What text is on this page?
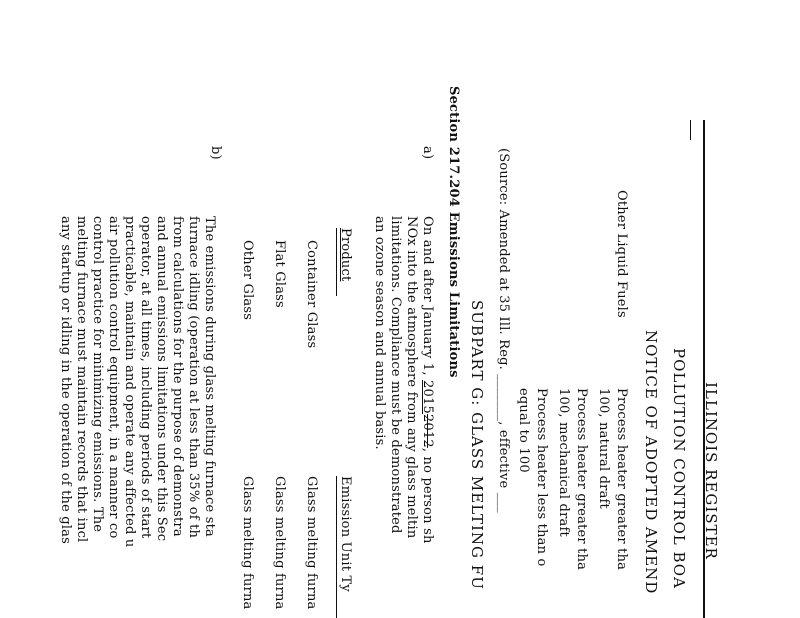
ILLINOIS REGISTER
POLLUTION CONTROL BOA
NOTICE OF ADOPTED AMEND
Other Liquid Fuels
Process heater greater tha
100, natural draft
Process heater greater tha
100, mechanical draft
Process heater less than o
equal to 100
(Source: Amended at 35 Ill. Reg. _______, effective ___
SUBPART G: GLASS MELTING FU
Section 217.204 Emissions Limitations
a)
On and after January 1, 20152012, no person sh
NOx into the atmosphere from any glass meltin
limitations. Compliance must be demonstrated
an ozone season and annual basis.
Product
Emission Unit Ty
Container Glass
Glass melting furna
Flat Glass
Glass melting furna
Other Glass
Glass melting furna
b)
The emissions during glass melting furnace sta
furnace idling (operation at less than 35% of th
from calculations for the purpose of demonstra
and annual emissions limitations under this Sec
operator, at all times, including periods of start
practicable, maintain and operate any affected u
air pollution control equipment, in a manner co
control practice for minimizing emissions. The
melting furnace must maintain records that incl
any startup or idling in the operation of the glas
